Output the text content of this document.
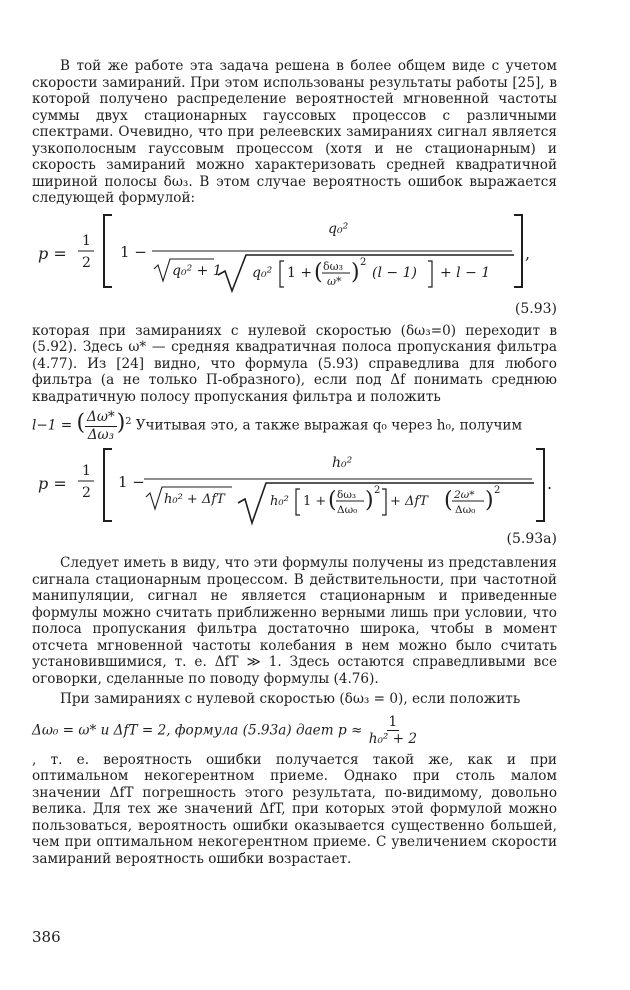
В той же работе эта задача решена в более общем виде с учетом скорости замираний. При этом использованы результаты работы [25], в которой получено распределение вероятностей мгновенной частоты суммы двух стационарных гауссовых процессов с различными спектрами. Очевидно, что при релеевских замираниях сигнал является узкополосным гауссовым процессом (хотя и не стационарным) и скорость замираний можно характеризовать средней квадратичной шириной полосы δω₃. В этом случае вероятность ошибок выражается следующей формулой:

p =
1
2
1 −
q₀²
q₀² + 1 q₀² 1 + ( δω₃
ω* ) 2
(l − 1) + l − 1
,
(5.93)

которая при замираниях с нулевой скоростью (δω₃=0) переходит в (5.92). Здесь ω* — средняя квадратичная полоса пропускания фильтра (4.77). Из [24] видно, что формула (5.93) справедлива для любого фильтра (а не только П-образного), если под Δf понимать среднюю квадратичную полосу пропускания фильтра и положить

l−1 = ( $\frac{\Delta\omega*}{\text{Δω₃}} )^2$ Учитывая это, а также выражая q₀ через h₀, получим
p =
1
2
1 −
h₀²
h₀² + ΔfT	h₀² 1 + ( δω₃
Δω₀ ) 2
+ ΔfT ( 2ω*
Δω₀ ) 2	.
(5.93а)

Следует иметь в виду, что эти формулы получены из представления сигнала стационарным процессом. В действительности, при частотной манипуляции, сигнал не является стационарным и приведенные формулы можно считать приближенно верными лишь при условии, что полоса пропускания фильтра достаточно широка, чтобы в момент отсчета мгновенной частоты колебания в нем можно было считать установившимися, т. е. ΔfT ≫ 1. Здесь остаются справедливыми все оговорки, сделанные по поводу формулы (4.76).

При замираниях с нулевой скоростью (δω₃ = 0), если положить

Δω₀ = ω* и ΔfT = 2, формула (5.93а) дает $p \approx \frac{1}{\text{h₀² + 2}}$

, т. е. вероятность ошибки получается такой же, как и при оптимальном некогерентном приеме. Однако при столь малом значении ΔfT погрешность этого результата, по-видимому, довольно велика. Для тех же значений ΔfT, при которых этой формулой можно пользоваться, вероятность ошибки оказывается существенно большей, чем при оптимальном некогерентном приеме. С увеличением скорости замираний вероятность ошибки возрастает.

386
